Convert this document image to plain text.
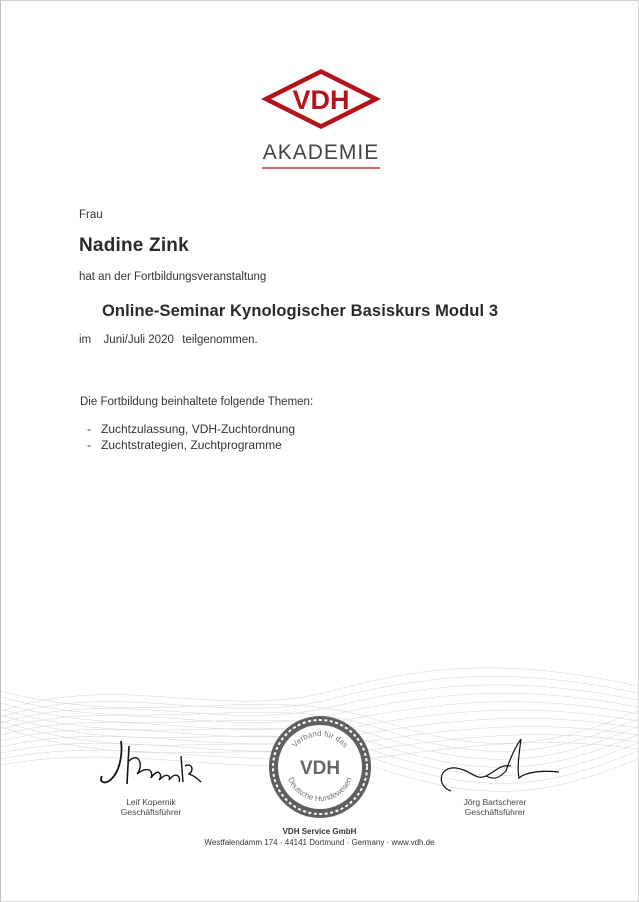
VDH
AKADEMIE
Frau
Nadine Zink
hat an der Fortbildungsveranstaltung
Online-Seminar Kynologischer Basiskurs Modul 3
im Juni/Juli 2020 teilgenommen.
Die Fortbildung beinhaltete folgende Themen:
- Zuchtzulassung, VDH-Zuchtordnung
- Zuchtstrategien, Zuchtprogramme
Leif Kopernik
Geschäftsführer
Verband für das
Deutsche Hundewesen
VDH
Jörg Bartscherer
Geschäftsführer
VDH Service GmbH
Westfalendamm 174 · 44141 Dortmund · Germany · www.vdh.de
